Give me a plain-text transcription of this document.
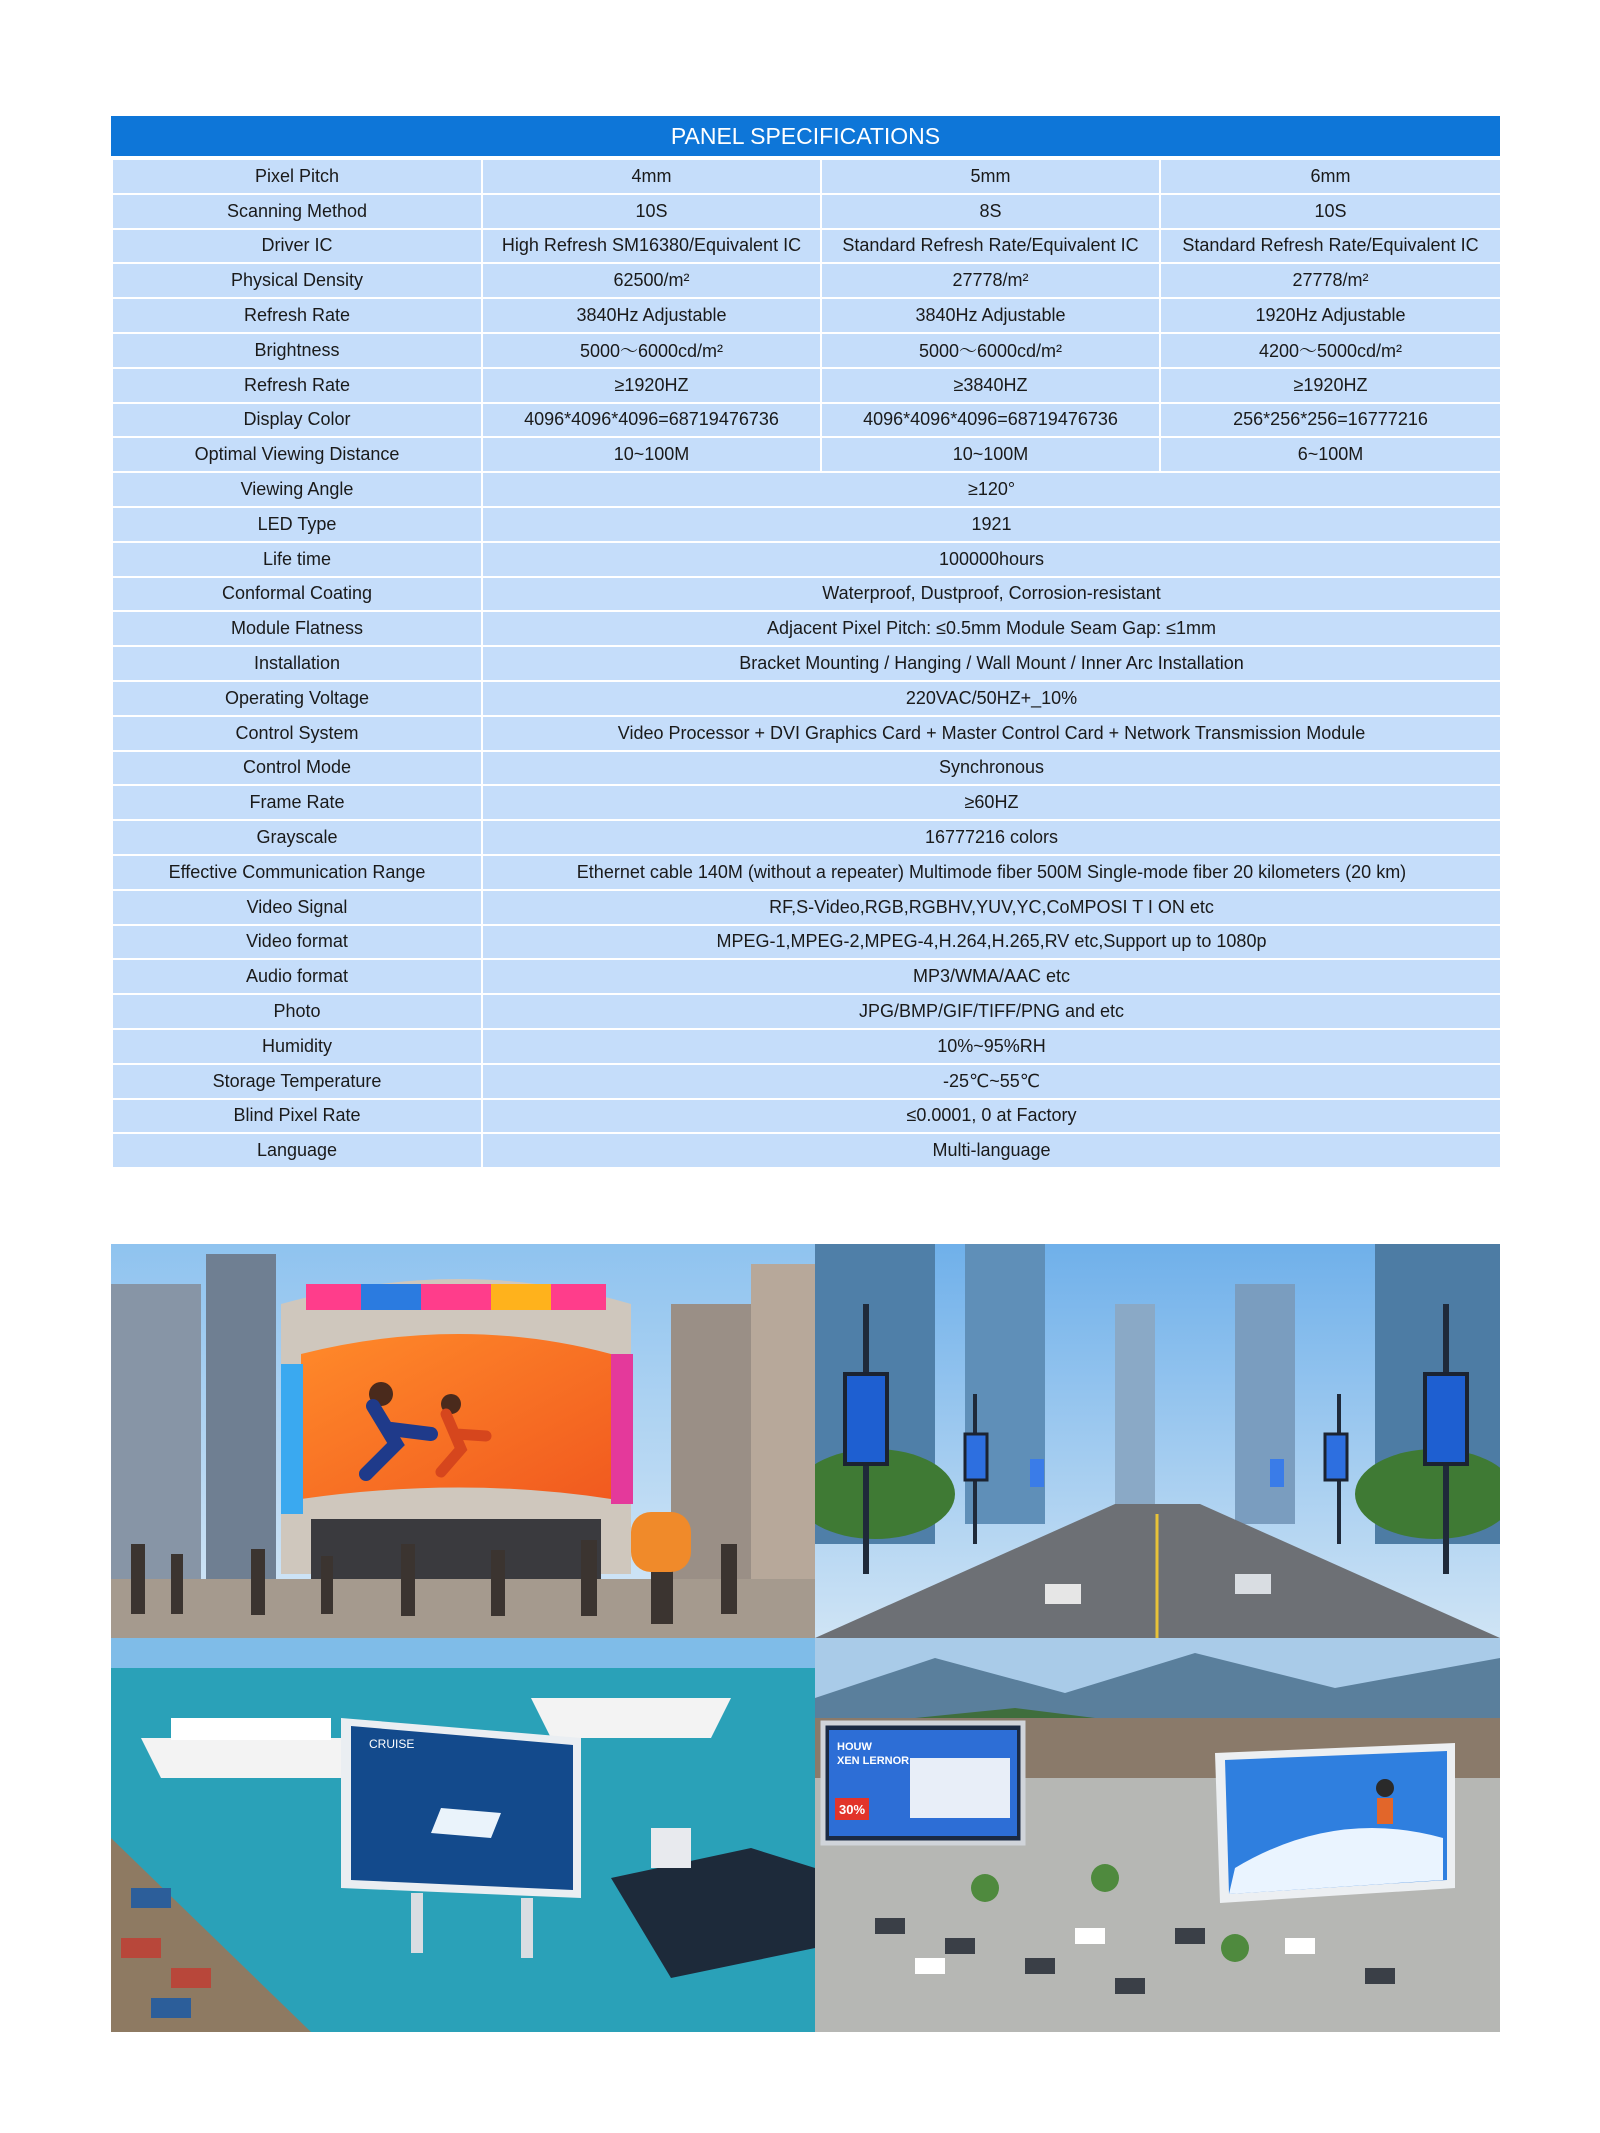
PANEL SPECIFICATIONS
Pixel Pitch	4mm	5mm	6mm
Scanning Method	10S	8S	10S
Driver IC	High Refresh SM16380/Equivalent IC	Standard Refresh Rate/Equivalent IC	Standard Refresh Rate/Equivalent IC
Physical Density	62500/m²	27778/m²	27778/m²
Refresh Rate	3840Hz Adjustable	3840Hz Adjustable	1920Hz Adjustable
Brightness	5000～6000cd/m²	5000～6000cd/m²	4200～5000cd/m²
Refresh Rate	≥1920HZ	≥3840HZ	≥1920HZ
Display Color	4096*4096*4096=68719476736	4096*4096*4096=68719476736	256*256*256=16777216
Optimal Viewing Distance	10~100M	10~100M	6~100M
Viewing Angle	≥120°		
LED Type	1921		
Life time	100000hours		
Conformal Coating	Waterproof, Dustproof, Corrosion-resistant		
Module Flatness	Adjacent Pixel Pitch: ≤0.5mm Module Seam Gap: ≤1mm		
Installation	Bracket Mounting / Hanging / Wall Mount / Inner Arc Installation		
Operating Voltage	220VAC/50HZ+_10%		
Control System	Video Processor + DVI Graphics Card + Master Control Card + Network Transmission Module		
Control Mode	Synchronous		
Frame Rate	≥60HZ		
Grayscale	16777216 colors		
Effective Communication Range	Ethernet cable 140M (without a repeater) Multimode fiber 500M Single-mode fiber 20 kilometers (20 km)		
Video Signal	RF,S-Video,RGB,RGBHV,YUV,YC,CoMPOSI T I ON etc		
Video format	MPEG-1,MPEG-2,MPEG-4,H.264,H.265,RV etc,Support up to 1080p		
Audio format	MP3/WMA/AAC etc		
Photo	JPG/BMP/GIF/TIFF/PNG and etc		
Humidity	10%~95%RH		
Storage Temperature	-25℃~55℃		
Blind Pixel Rate	≤0.0001, 0 at Factory		
Language	Multi-language		
CRUISE	HOUW
XEN LERNOR
30%
